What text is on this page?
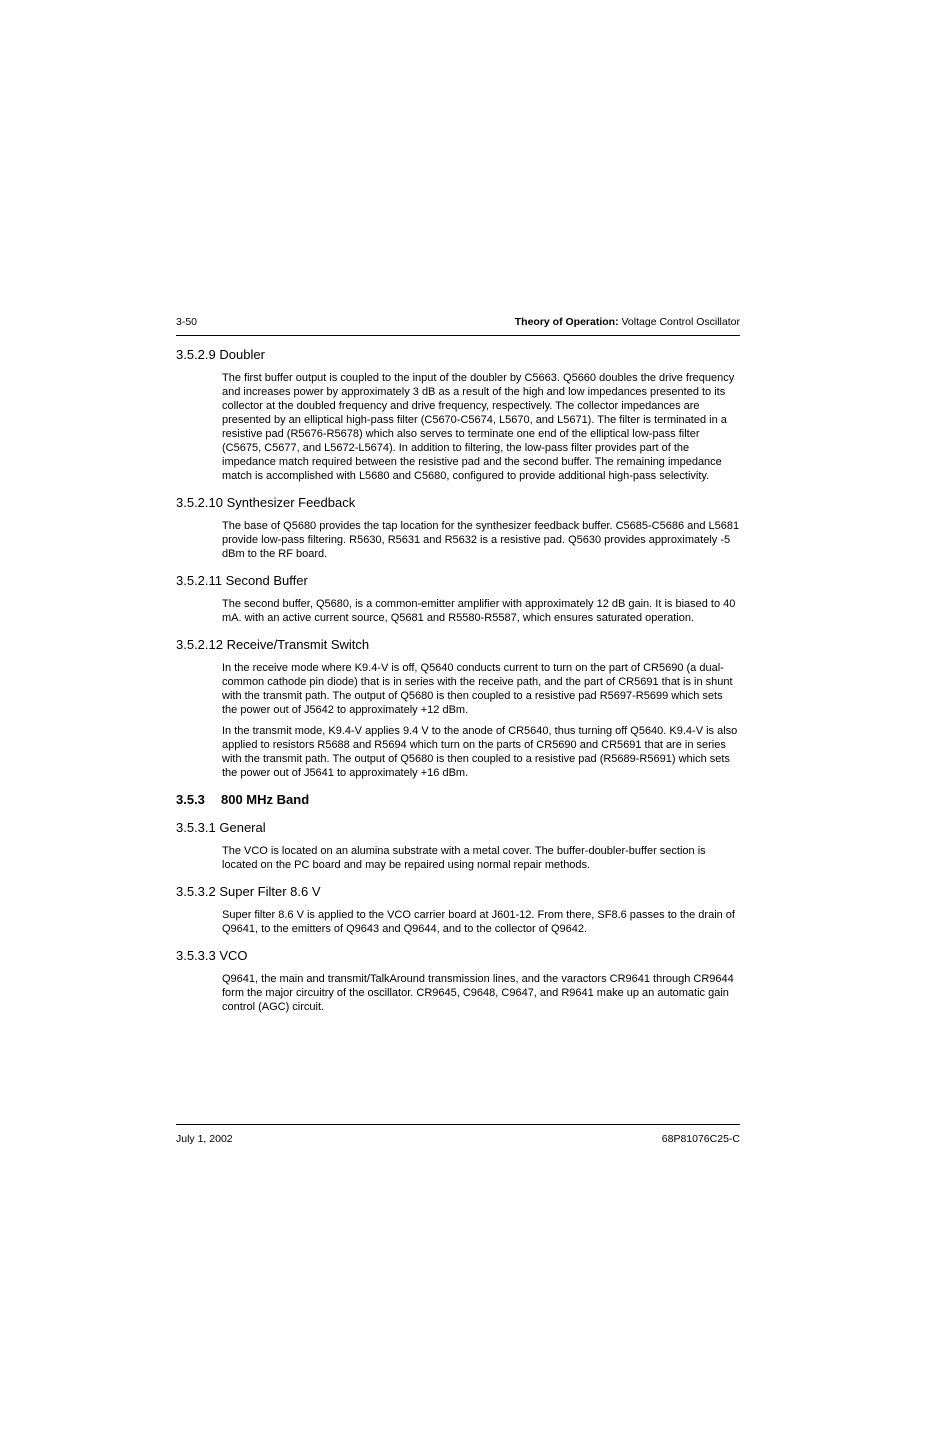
3-50	Theory of Operation: Voltage Control Oscillator
3.5.2.9 Doubler

The first buffer output is coupled to the input of the doubler by C5663. Q5660 doubles the drive frequency and increases power by approximately 3 dB as a result of the high and low impedances presented to its collector at the doubled frequency and drive frequency, respectively. The collector impedances are presented by an elliptical high-pass filter (C5670-C5674, L5670, and L5671). The filter is terminated in a resistive pad (R5676-R5678) which also serves to terminate one end of the elliptical low-pass filter (C5675, C5677, and L5672-L5674). In addition to filtering, the low-pass filter provides part of the impedance match required between the resistive pad and the second buffer. The remaining impedance match is accomplished with L5680 and C5680, configured to provide additional high-pass selectivity.

3.5.2.10 Synthesizer Feedback

The base of Q5680 provides the tap location for the synthesizer feedback buffer. C5685-C5686 and L5681 provide low-pass filtering. R5630, R5631 and R5632 is a resistive pad. Q5630 provides approximately -5 dBm to the RF board.

3.5.2.11 Second Buffer

The second buffer, Q5680, is a common-emitter amplifier with approximately 12 dB gain. It is biased to 40 mA. with an active current source, Q5681 and R5580-R5587, which ensures saturated operation.

3.5.2.12 Receive/Transmit Switch

In the receive mode where K9.4-V is off, Q5640 conducts current to turn on the part of CR5690 (a dual-common cathode pin diode) that is in series with the receive path, and the part of CR5691 that is in shunt with the transmit path. The output of Q5680 is then coupled to a resistive pad R5697-R5699 which sets the power out of J5642 to approximately +12 dBm.

In the transmit mode, K9.4-V applies 9.4 V to the anode of CR5640, thus turning off Q5640. K9.4-V is also applied to resistors R5688 and R5694 which turn on the parts of CR5690 and CR5691 that are in series with the transmit path. The output of Q5680 is then coupled to a resistive pad (R5689-R5691) which sets the power out of J5641 to approximately +16 dBm.

3.5.3 800 MHz Band
3.5.3.1 General

The VCO is located on an alumina substrate with a metal cover. The buffer-doubler-buffer section is located on the PC board and may be repaired using normal repair methods.

3.5.3.2 Super Filter 8.6 V

Super filter 8.6 V is applied to the VCO carrier board at J601-12. From there, SF8.6 passes to the drain of Q9641, to the emitters of Q9643 and Q9644, and to the collector of Q9642.

3.5.3.3 VCO

Q9641, the main and transmit/TalkAround transmission lines, and the varactors CR9641 through CR9644 form the major circuitry of the oscillator. CR9645, C9648, C9647, and R9641 make up an automatic gain control (AGC) circuit.

July 1, 2002	68P81076C25-C
